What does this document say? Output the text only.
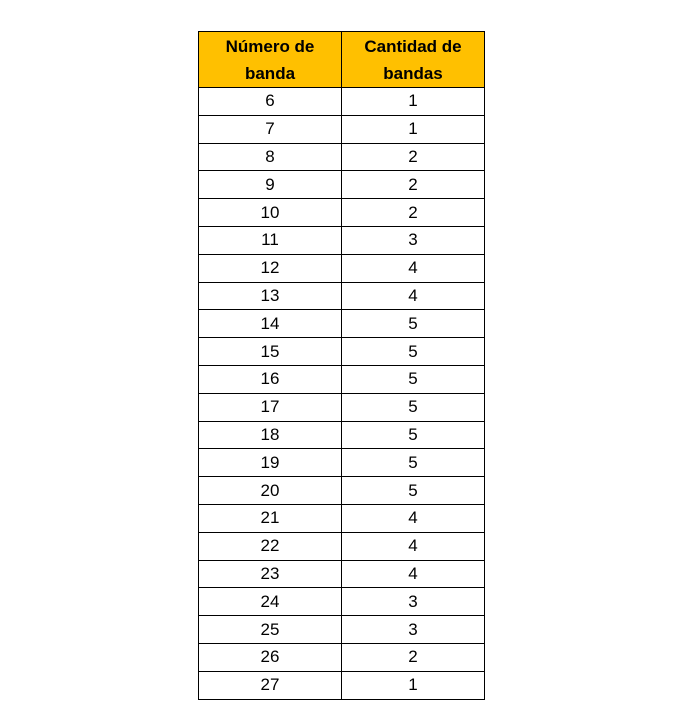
Número de banda	Cantidad de bandas
6	1
7	1
8	2
9	2
10	2
11	3
12	4
13	4
14	5
15	5
16	5
17	5
18	5
19	5
20	5
21	4
22	4
23	4
24	3
25	3
26	2
27	1
